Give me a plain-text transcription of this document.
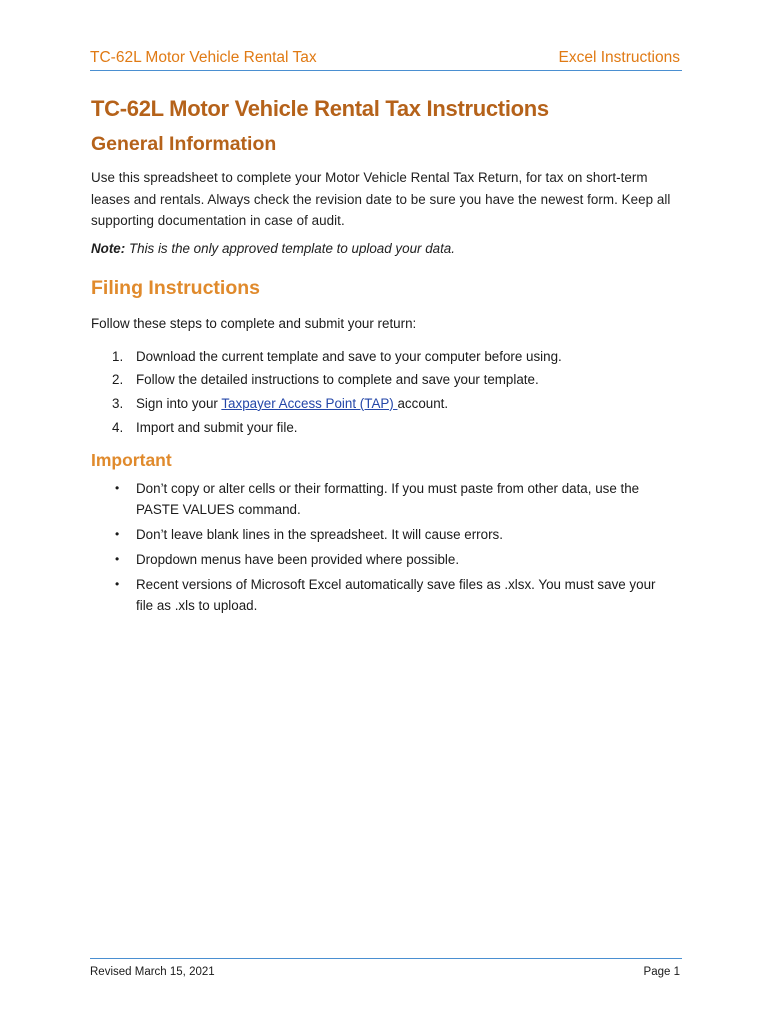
TC-62L Motor Vehicle Rental Tax	Excel Instructions
TC-62L Motor Vehicle Rental Tax Instructions
General Information

Use this spreadsheet to complete your Motor Vehicle Rental Tax Return, for tax on short-term leases and rentals. Always check the revision date to be sure you have the newest form. Keep all supporting documentation in case of audit.

Note: This is the only approved template to upload your data.

Filing Instructions

Follow these steps to complete and submit your return:

1. Download the current template and save to your computer before using.
2. Follow the detailed instructions to complete and save your template.
3. Sign into your Taxpayer Access Point (TAP) account.
4. Import and submit your file.
Important
• Don’t copy or alter cells or their formatting. If you must paste from other data, use the PASTE VALUES command.
• Don’t leave blank lines in the spreadsheet. It will cause errors.
• Dropdown menus have been provided where possible.
• Recent versions of Microsoft Excel automatically save files as .xlsx. You must save your file as .xls to upload.
Revised March 15, 2021	Page 1
